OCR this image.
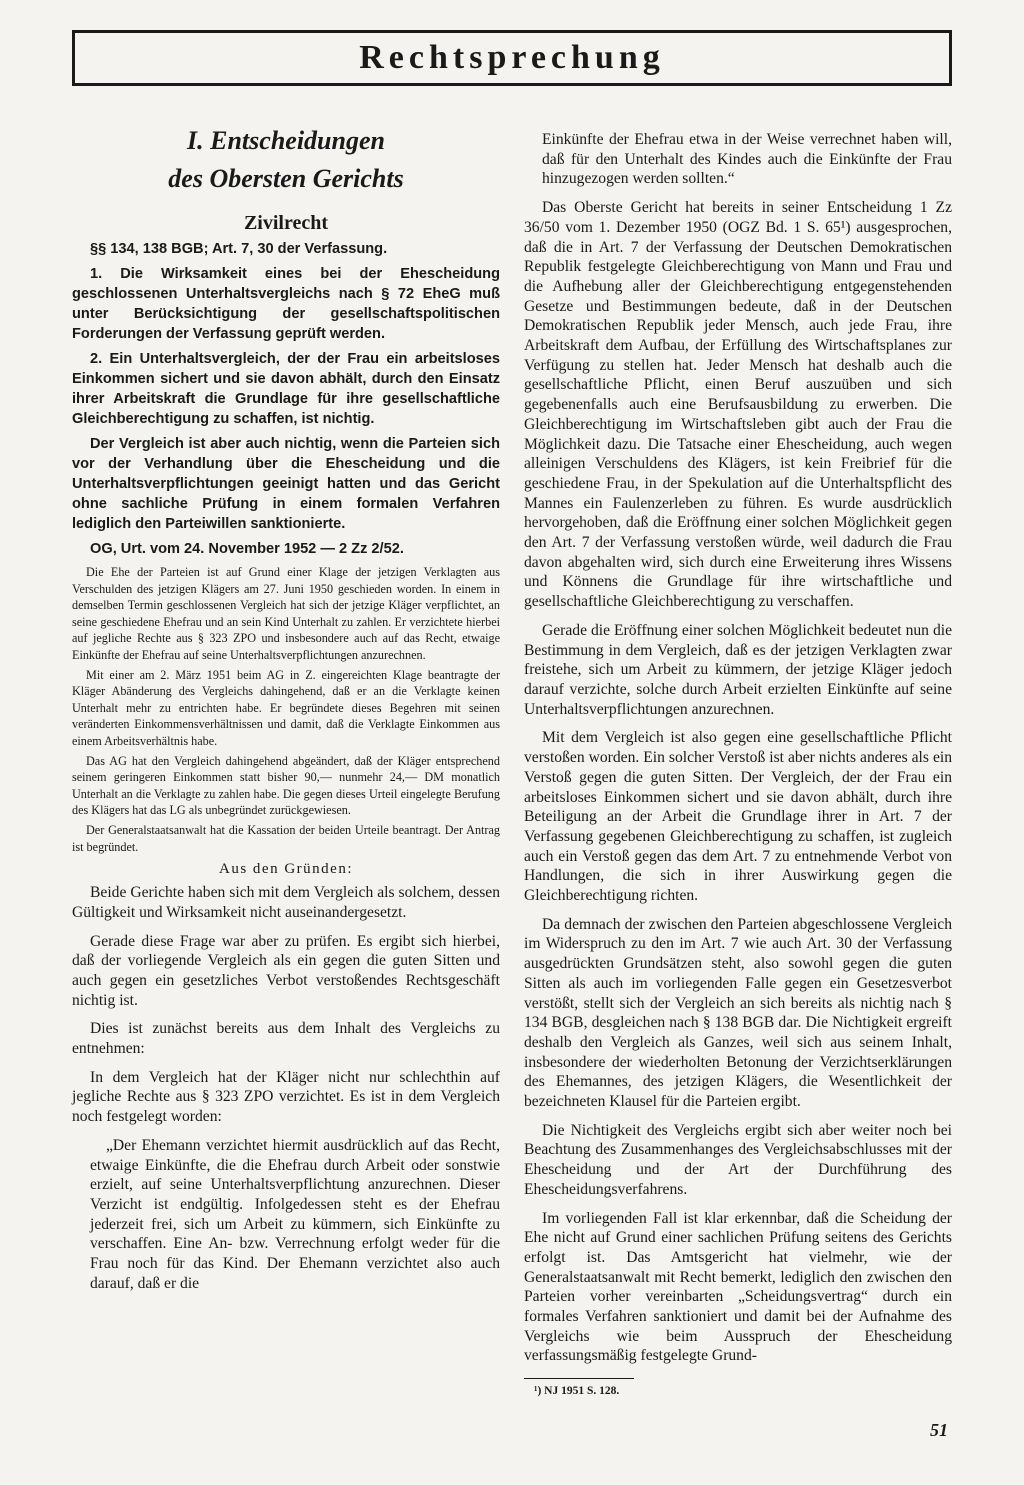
Rechtsprechung
I. Entscheidungen
des Obersten Gerichts
Zivilrecht

§§ 134, 138 BGB; Art. 7, 30 der Verfassung.

1. Die Wirksamkeit eines bei der Ehescheidung geschlossenen Unterhaltsvergleichs nach § 72 EheG muß unter Berücksichtigung der gesellschaftspolitischen Forderungen der Verfassung geprüft werden.

2. Ein Unterhaltsvergleich, der der Frau ein arbeitsloses Einkommen sichert und sie davon abhält, durch den Einsatz ihrer Arbeitskraft die Grundlage für ihre gesellschaftliche Gleichberechtigung zu schaffen, ist nichtig.

Der Vergleich ist aber auch nichtig, wenn die Parteien sich vor der Verhandlung über die Ehescheidung und die Unterhaltsverpflichtungen geeinigt hatten und das Gericht ohne sachliche Prüfung in einem formalen Verfahren lediglich den Parteiwillen sanktionierte.

OG, Urt. vom 24. November 1952 — 2 Zz 2/52.

Die Ehe der Parteien ist auf Grund einer Klage der jetzigen Verklagten aus Verschulden des jetzigen Klägers am 27. Juni 1950 geschieden worden. In einem in demselben Termin geschlossenen Vergleich hat sich der jetzige Kläger verpflichtet, an seine geschiedene Ehefrau und an sein Kind Unterhalt zu zahlen. Er verzichtete hierbei auf jegliche Rechte aus § 323 ZPO und insbesondere auch auf das Recht, etwaige Einkünfte der Ehefrau auf seine Unterhaltsverpflichtungen anzurechnen.

Mit einer am 2. März 1951 beim AG in Z. eingereichten Klage beantragte der Kläger Abänderung des Vergleichs dahingehend, daß er an die Verklagte keinen Unterhalt mehr zu entrichten habe. Er begründete dieses Begehren mit seinen veränderten Einkommensverhältnissen und damit, daß die Verklagte Einkommen aus einem Arbeitsverhältnis habe.

Das AG hat den Vergleich dahingehend abgeändert, daß der Kläger entsprechend seinem geringeren Einkommen statt bisher 90,— nunmehr 24,— DM monatlich Unterhalt an die Verklagte zu zahlen habe. Die gegen dieses Urteil eingelegte Berufung des Klägers hat das LG als unbegründet zurückgewiesen.

Der Generalstaatsanwalt hat die Kassation der beiden Urteile beantragt. Der Antrag ist begründet.

Aus den Gründen:

Beide Gerichte haben sich mit dem Vergleich als solchem, dessen Gültigkeit und Wirksamkeit nicht auseinandergesetzt.

Gerade diese Frage war aber zu prüfen. Es ergibt sich hierbei, daß der vorliegende Vergleich als ein gegen die guten Sitten und auch gegen ein gesetzliches Verbot verstoßendes Rechtsgeschäft nichtig ist.

Dies ist zunächst bereits aus dem Inhalt des Vergleichs zu entnehmen:

In dem Vergleich hat der Kläger nicht nur schlechthin auf jegliche Rechte aus § 323 ZPO verzichtet. Es ist in dem Vergleich noch festgelegt worden:

„Der Ehemann verzichtet hiermit ausdrücklich auf das Recht, etwaige Einkünfte, die die Ehefrau durch Arbeit oder sonstwie erzielt, auf seine Unterhaltsverpflichtung anzurechnen. Dieser Verzicht ist endgültig. Infolgedessen steht es der Ehefrau jederzeit frei, sich um Arbeit zu kümmern, sich Einkünfte zu verschaffen. Eine An- bzw. Verrechnung erfolgt weder für die Frau noch für das Kind. Der Ehemann verzichtet also auch darauf, daß er die

Einkünfte der Ehefrau etwa in der Weise verrechnet haben will, daß für den Unterhalt des Kindes auch die Einkünfte der Frau hinzugezogen werden sollten.“

Das Oberste Gericht hat bereits in seiner Entscheidung 1 Zz 36/50 vom 1. Dezember 1950 (OGZ Bd. 1 S. 65¹) ausgesprochen, daß die in Art. 7 der Verfassung der Deutschen Demokratischen Republik festgelegte Gleichberechtigung von Mann und Frau und die Aufhebung aller der Gleichberechtigung entgegenstehenden Gesetze und Bestimmungen bedeute, daß in der Deutschen Demokratischen Republik jeder Mensch, auch jede Frau, ihre Arbeitskraft dem Aufbau, der Erfüllung des Wirtschaftsplanes zur Verfügung zu stellen hat. Jeder Mensch hat deshalb auch die gesellschaftliche Pflicht, einen Beruf auszuüben und sich gegebenenfalls auch eine Berufsausbildung zu erwerben. Die Gleichberechtigung im Wirtschaftsleben gibt auch der Frau die Möglichkeit dazu. Die Tatsache einer Ehescheidung, auch wegen alleinigen Verschuldens des Klägers, ist kein Freibrief für die geschiedene Frau, in der Spekulation auf die Unterhaltspflicht des Mannes ein Faulenzerleben zu führen. Es wurde ausdrücklich hervorgehoben, daß die Eröffnung einer solchen Möglichkeit gegen den Art. 7 der Verfassung verstoßen würde, weil dadurch die Frau davon abgehalten wird, sich durch eine Erweiterung ihres Wissens und Könnens die Grundlage für ihre wirtschaftliche und gesellschaftliche Gleichberechtigung zu verschaffen.

Gerade die Eröffnung einer solchen Möglichkeit bedeutet nun die Bestimmung in dem Vergleich, daß es der jetzigen Verklagten zwar freistehe, sich um Arbeit zu kümmern, der jetzige Kläger jedoch darauf verzichte, solche durch Arbeit erzielten Einkünfte auf seine Unterhaltsverpflichtungen anzurechnen.

Mit dem Vergleich ist also gegen eine gesellschaftliche Pflicht verstoßen worden. Ein solcher Verstoß ist aber nichts anderes als ein Verstoß gegen die guten Sitten. Der Vergleich, der der Frau ein arbeitsloses Einkommen sichert und sie davon abhält, durch ihre Beteiligung an der Arbeit die Grundlage ihrer in Art. 7 der Verfassung gegebenen Gleichberechtigung zu schaffen, ist zugleich auch ein Verstoß gegen das dem Art. 7 zu entnehmende Verbot von Handlungen, die sich in ihrer Auswirkung gegen die Gleichberechtigung richten.

Da demnach der zwischen den Parteien abgeschlossene Vergleich im Widerspruch zu den im Art. 7 wie auch Art. 30 der Verfassung ausgedrückten Grundsätzen steht, also sowohl gegen die guten Sitten als auch im vorliegenden Falle gegen ein Gesetzesverbot verstößt, stellt sich der Vergleich an sich bereits als nichtig nach § 134 BGB, desgleichen nach § 138 BGB dar. Die Nichtigkeit ergreift deshalb den Vergleich als Ganzes, weil sich aus seinem Inhalt, insbesondere der wiederholten Betonung der Verzichtserklärungen des Ehemannes, des jetzigen Klägers, die Wesentlichkeit der bezeichneten Klausel für die Parteien ergibt.

Die Nichtigkeit des Vergleichs ergibt sich aber weiter noch bei Beachtung des Zusammenhanges des Vergleichsabschlusses mit der Ehescheidung und der Art der Durchführung des Ehescheidungsverfahrens.

Im vorliegenden Fall ist klar erkennbar, daß die Scheidung der Ehe nicht auf Grund einer sachlichen Prüfung seitens des Gerichts erfolgt ist. Das Amtsgericht hat vielmehr, wie der Generalstaatsanwalt mit Recht bemerkt, lediglich den zwischen den Parteien vorher vereinbarten „Scheidungsvertrag“ durch ein formales Verfahren sanktioniert und damit bei der Aufnahme des Vergleichs wie beim Ausspruch der Ehescheidung verfassungsmäßig festgelegte Grund-

¹) NJ 1951 S. 128.

51
